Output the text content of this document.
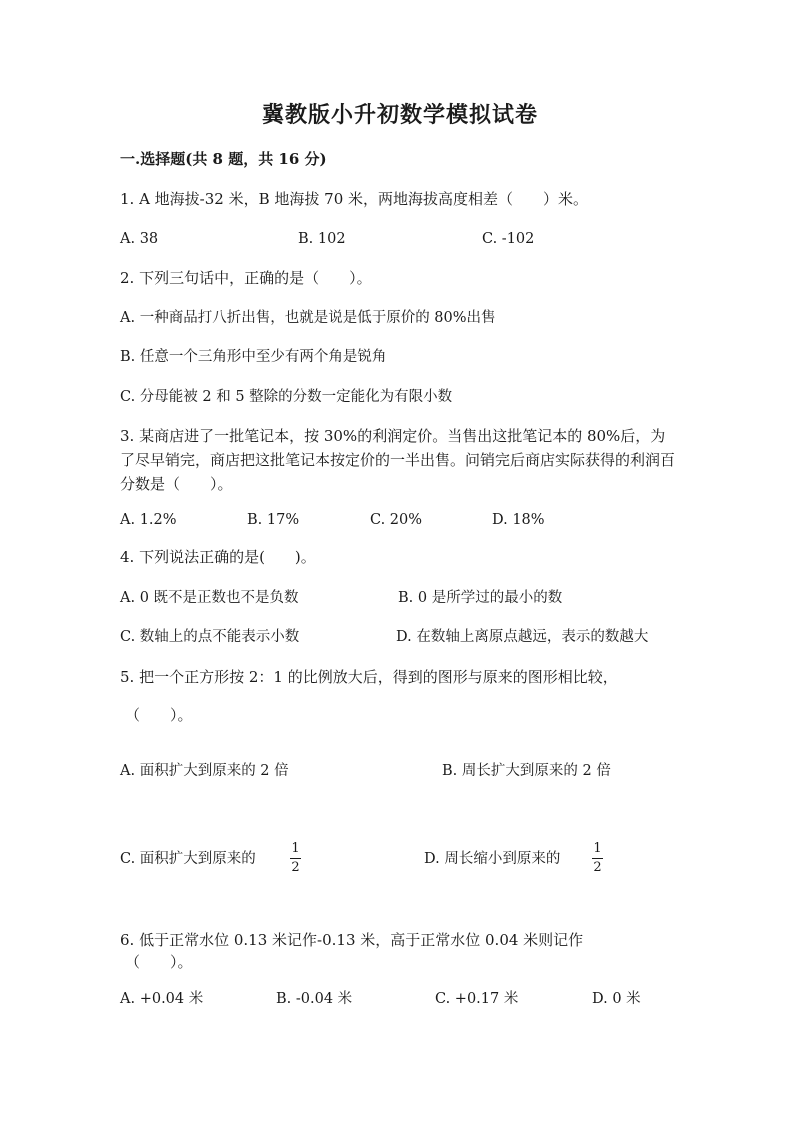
冀教版小升初数学模拟试卷
一.选择题(共 8 题，共 16 分)
1. A 地海拔-32 米，B 地海拔 70 米，两地海拔高度相差（　　）米。
A. 38	B. 102	C. -102
2. 下列三句话中，正确的是（　　）。
A. 一种商品打八折出售，也就是说是低于原价的 80%出售
B. 任意一个三角形中至少有两个角是锐角
C. 分母能被 2 和 5 整除的分数一定能化为有限小数
3. 某商店进了一批笔记本，按 30%的利润定价。当售出这批笔记本的 80%后，为了尽早销完，商店把这批笔记本按定价的一半出售。问销完后商店实际获得的利润百分数是（　　）。
A. 1.2%	B. 17%	C. 20%	D. 18%
4. 下列说法正确的是(　　)。
A. 0 既不是正数也不是负数	B. 0 是所学过的最小的数
C. 数轴上的点不能表示小数	D. 在数轴上离原点越远，表示的数越大
5. 把一个正方形按 2：1 的比例放大后，得到的图形与原来的图形相比较，
（　　）。
A. 面积扩大到原来的 2 倍	B. 周长扩大到原来的 2 倍
C. 面积扩大到原来的
1
2
D. 周长缩小到原来的
1
2
6. 低于正常水位 0.13 米记作-0.13 米，高于正常水位 0.04 米则记作
（　　）。
A. +0.04 米	B. -0.04 米	C. +0.17 米	D. 0 米
